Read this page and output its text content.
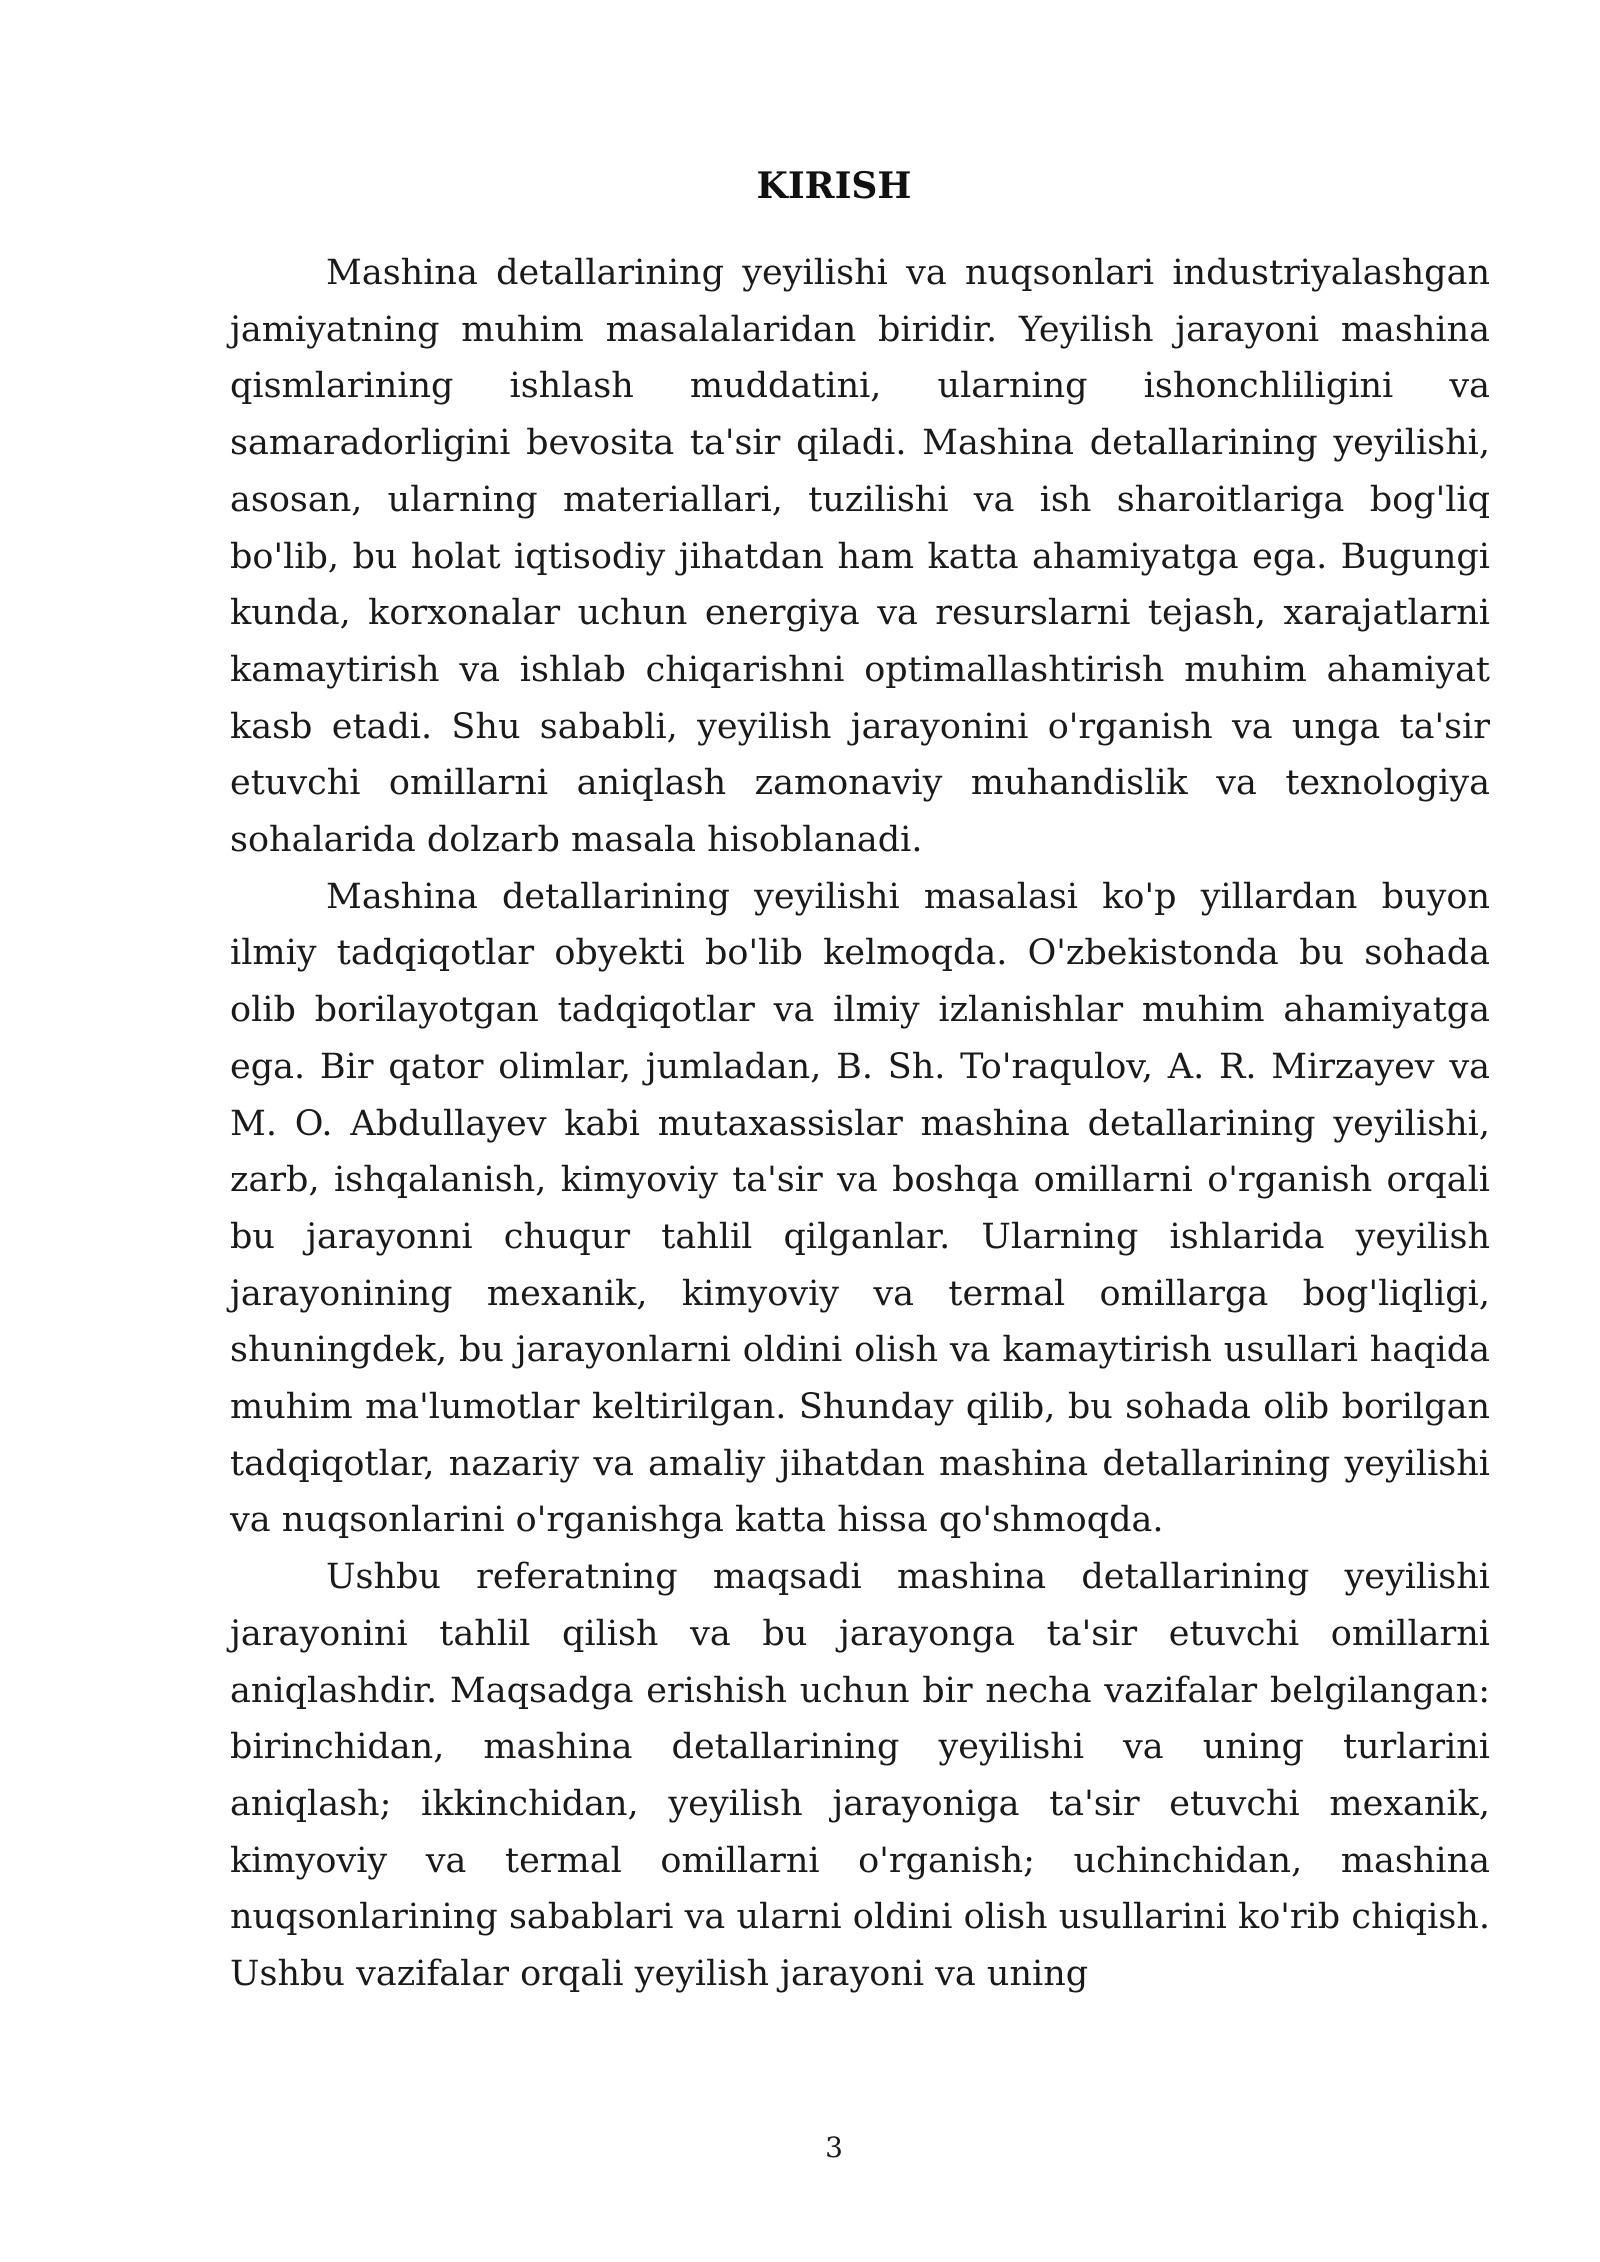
KIRISH

Mashina detallarining yeyilishi va nuqsonlari industriyalashgan jamiyatning muhim masalalaridan biridir. Yeyilish jarayoni mashina qismlarining ishlash muddatini, ularning ishonchliligini va samaradorligini bevosita ta'sir qiladi. Mashina detallarining yeyilishi, asosan, ularning materiallari, tuzilishi va ish sharoitlariga bog'liq bo'lib, bu holat iqtisodiy jihatdan ham katta ahamiyatga ega. Bugungi kunda, korxonalar uchun energiya va resurslarni tejash, xarajatlarni kamaytirish va ishlab chiqarishni optimallashtirish muhim ahamiyat kasb etadi. Shu sababli, yeyilish jarayonini o'rganish va unga ta'sir etuvchi omillarni aniqlash zamonaviy muhandislik va texnologiya sohalarida dolzarb masala hisoblanadi.

Mashina detallarining yeyilishi masalasi ko'p yillardan buyon ilmiy tadqiqotlar obyekti bo'lib kelmoqda. O'zbekistonda bu sohada olib borilayotgan tadqiqotlar va ilmiy izlanishlar muhim ahamiyatga ega. Bir qator olimlar, jumladan, B. Sh. To'raqulov, A. R. Mirzayev va M. O. Abdullayev kabi mutaxassislar mashina detallarining yeyilishi, zarb, ishqalanish, kimyoviy ta'sir va boshqa omillarni o'rganish orqali bu jarayonni chuqur tahlil qilganlar. Ularning ishlarida yeyilish jarayonining mexanik, kimyoviy va termal omillarga bog'liqligi, shuningdek, bu jarayonlarni oldini olish va kamaytirish usullari haqida muhim ma'lumotlar keltirilgan. Shunday qilib, bu sohada olib borilgan tadqiqotlar, nazariy va amaliy jihatdan mashina detallarining yeyilishi va nuqsonlarini o'rganishga katta hissa qo'shmoqda.

Ushbu referatning maqsadi mashina detallarining yeyilishi jarayonini tahlil qilish va bu jarayonga ta'sir etuvchi omillarni aniqlashdir. Maqsadga erishish uchun bir necha vazifalar belgilangan: birinchidan, mashina detallarining yeyilishi va uning turlarini aniqlash; ikkinchidan, yeyilish jarayoniga ta'sir etuvchi mexanik, kimyoviy va termal omillarni o'rganish; uchinchidan, mashina nuqsonlarining sabablari va ularni oldini olish usullarini ko'rib chiqish. Ushbu vazifalar orqali yeyilish jarayoni va uning

3
